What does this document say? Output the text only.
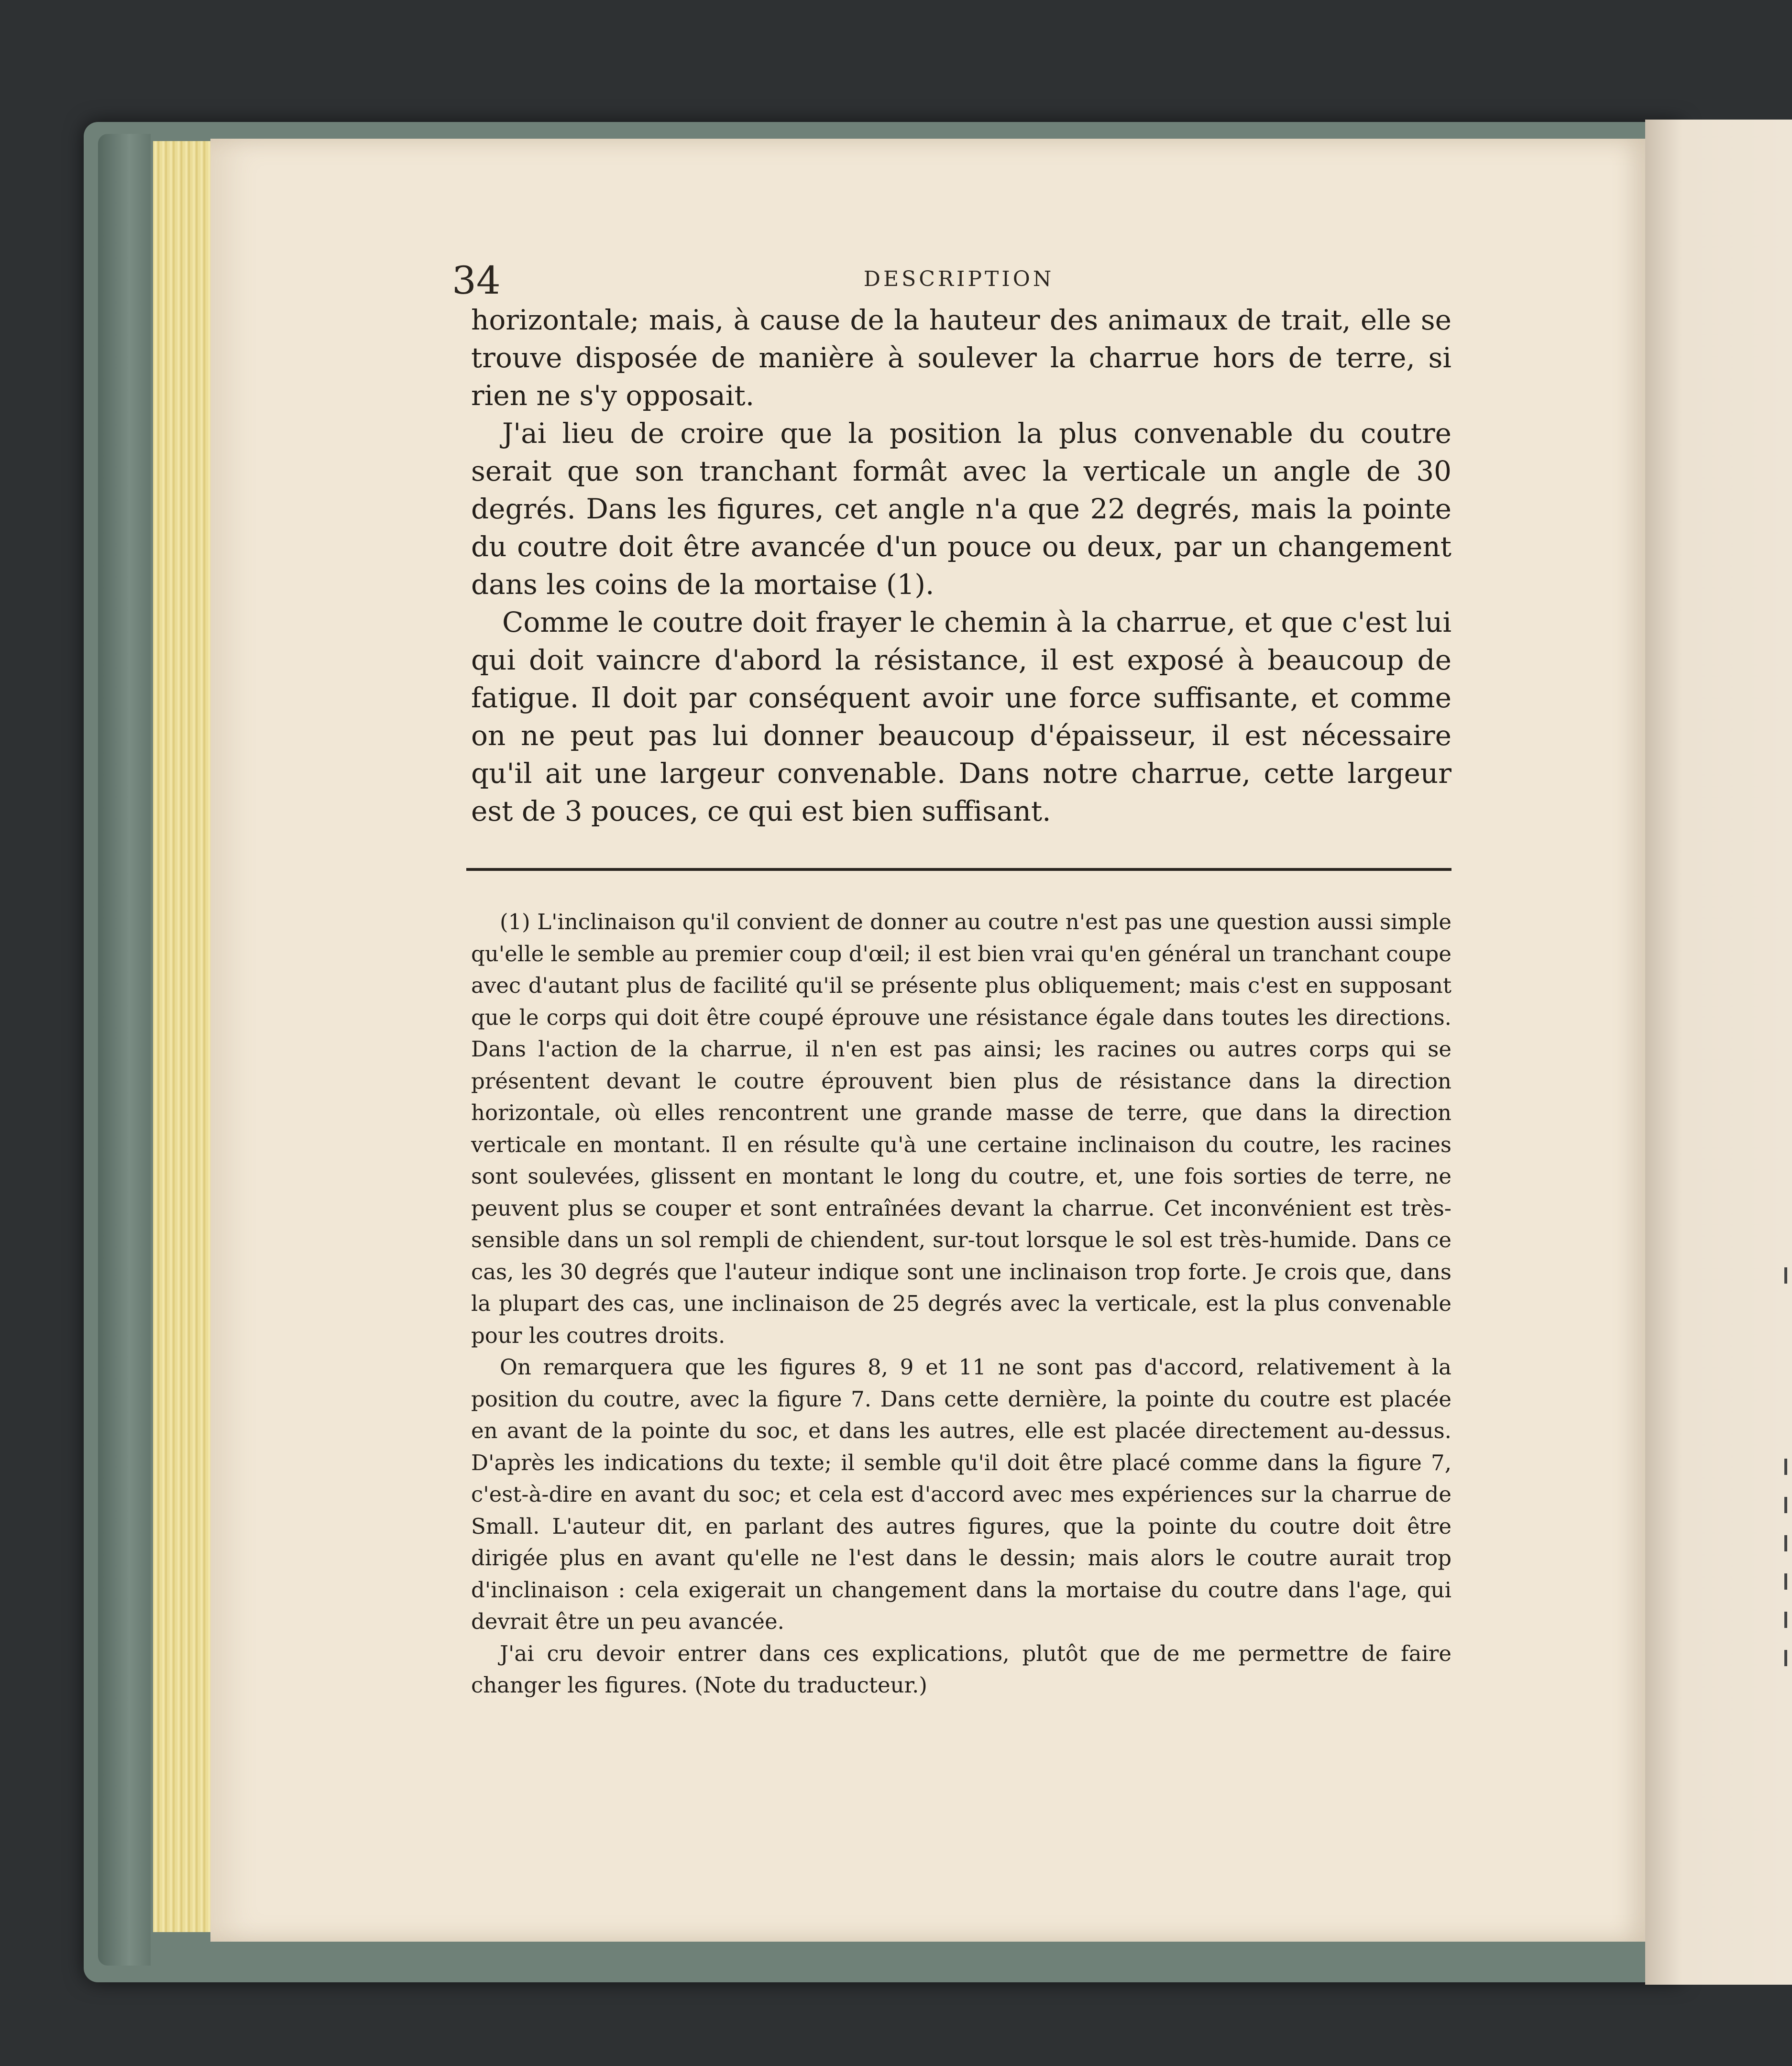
34	DESCRIPTION

horizontale; mais, à cause de la hauteur des animaux de trait, elle se trouve disposée de manière à soulever la charrue hors de terre, si rien ne s'y opposait.

J'ai lieu de croire que la position la plus convenable du coutre serait que son tranchant formât avec la verticale un angle de 30 degrés. Dans les figures, cet angle n'a que 22 degrés, mais la pointe du coutre doit être avancée d'un pouce ou deux, par un changement dans les coins de la mortaise (1).

Comme le coutre doit frayer le chemin à la charrue, et que c'est lui qui doit vaincre d'abord la résistance, il est exposé à beaucoup de fatigue. Il doit par conséquent avoir une force suffisante, et comme on ne peut pas lui donner beaucoup d'épaisseur, il est nécessaire qu'il ait une largeur convenable. Dans notre charrue, cette largeur est de 3 pouces, ce qui est bien suffisant.

(1) L'inclinaison qu'il convient de donner au coutre n'est pas une question aussi simple qu'elle le semble au premier coup d'œil; il est bien vrai qu'en général un tranchant coupe avec d'autant plus de facilité qu'il se présente plus obliquement; mais c'est en supposant que le corps qui doit être coupé éprouve une résistance égale dans toutes les directions. Dans l'action de la charrue, il n'en est pas ainsi; les racines ou autres corps qui se présentent devant le coutre éprouvent bien plus de résistance dans la direction horizontale, où elles rencontrent une grande masse de terre, que dans la direction verticale en montant. Il en résulte qu'à une certaine inclinaison du coutre, les racines sont soulevées, glissent en montant le long du coutre, et, une fois sorties de terre, ne peuvent plus se couper et sont entraînées devant la charrue. Cet inconvénient est très-sensible dans un sol rempli de chiendent, sur-tout lorsque le sol est très-humide. Dans ce cas, les 30 degrés que l'auteur indique sont une inclinaison trop forte. Je crois que, dans la plupart des cas, une inclinaison de 25 degrés avec la verticale, est la plus convenable pour les coutres droits.

On remarquera que les figures 8, 9 et 11 ne sont pas d'accord, relativement à la position du coutre, avec la figure 7. Dans cette dernière, la pointe du coutre est placée en avant de la pointe du soc, et dans les autres, elle est placée directement au-dessus. D'après les indications du texte; il semble qu'il doit être placé comme dans la figure 7, c'est-à-dire en avant du soc; et cela est d'accord avec mes expériences sur la charrue de Small. L'auteur dit, en parlant des autres figures, que la pointe du coutre doit être dirigée plus en avant qu'elle ne l'est dans le dessin; mais alors le coutre aurait trop d'inclinaison : cela exigerait un changement dans la mortaise du coutre dans l'age, qui devrait être un peu avancée.

J'ai cru devoir entrer dans ces explications, plutôt que de me permettre de faire changer les figures. (Note du traducteur.)
